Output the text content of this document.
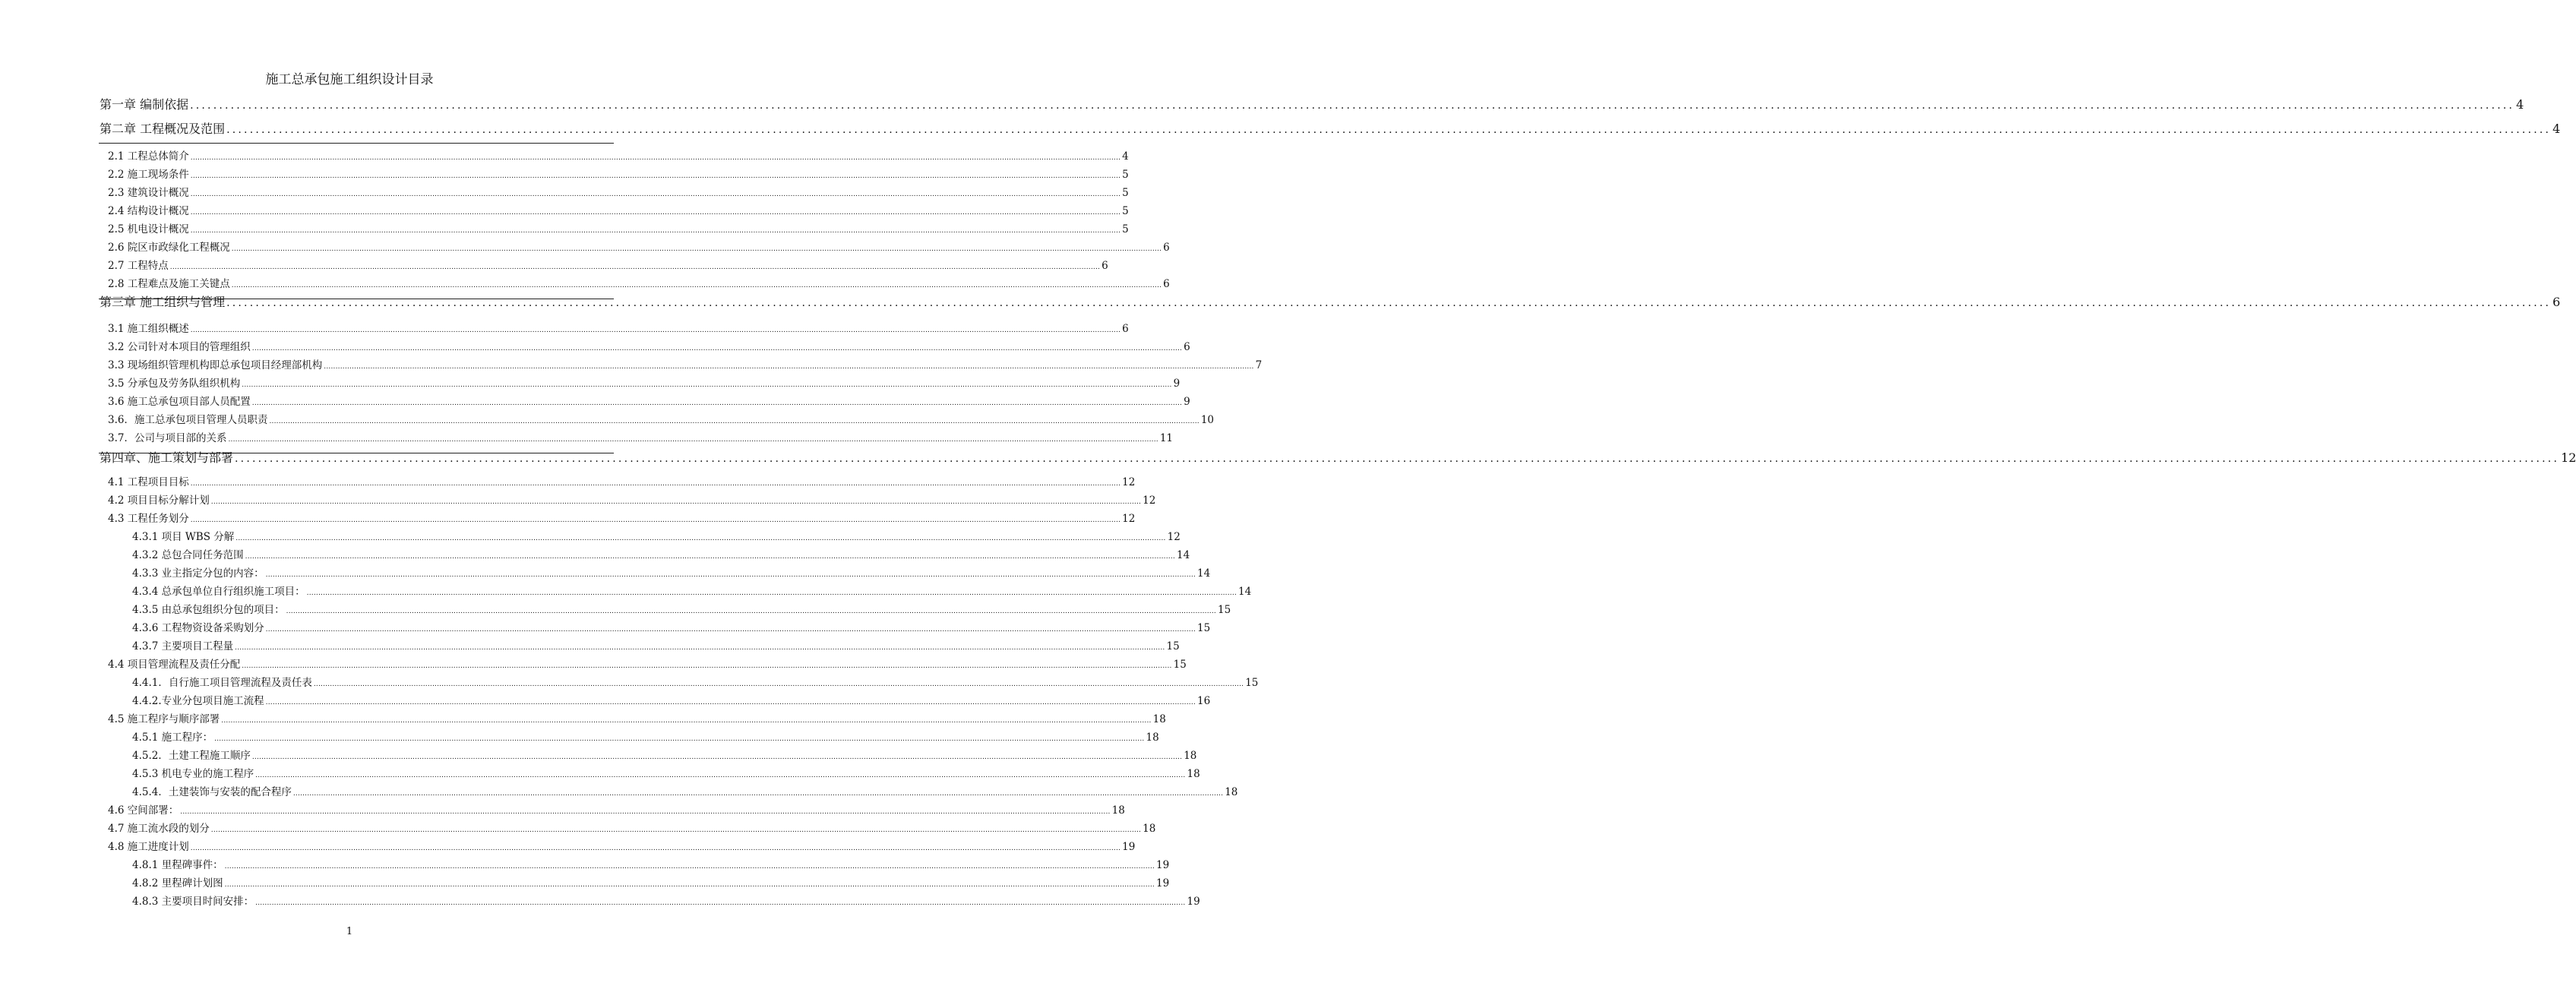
施工总承包施工组织设计目录
第一章 编制依据 ................................................................................................................................................................................................................................................................................................................................................................................................................ 4
第二章 工程概况及范围 ................................................................................................................................................................................................................................................................................................................................................................................................................ 4
2.1 工程总体简介 ................................................................................................................................................................................................................................................................................................................................................................................................................ 4
2.2 施工现场条件 ................................................................................................................................................................................................................................................................................................................................................................................................................ 5
2.3 建筑设计概况 ................................................................................................................................................................................................................................................................................................................................................................................................................ 5
2.4 结构设计概况 ................................................................................................................................................................................................................................................................................................................................................................................................................ 5
2.5 机电设计概况 ................................................................................................................................................................................................................................................................................................................................................................................................................ 5
2.6 院区市政绿化工程概况 ................................................................................................................................................................................................................................................................................................................................................................................................................ 6
2.7 工程特点 ................................................................................................................................................................................................................................................................................................................................................................................................................ 6
2.8 工程难点及施工关键点 ................................................................................................................................................................................................................................................................................................................................................................................................................ 6
第三章 施工组织与管理 ................................................................................................................................................................................................................................................................................................................................................................................................................ 6
3.1 施工组织概述 ................................................................................................................................................................................................................................................................................................................................................................................................................ 6
3.2 公司针对本项目的管理组织 ................................................................................................................................................................................................................................................................................................................................................................................................................ 6
3.3 现场组织管理机构即总承包项目经理部机构 ................................................................................................................................................................................................................................................................................................................................................................................................................ 7
3.5 分承包及劳务队组织机构 ................................................................................................................................................................................................................................................................................................................................................................................................................ 9
3.6 施工总承包项目部人员配置 ................................................................................................................................................................................................................................................................................................................................................................................................................ 9
3.6．施工总承包项目管理人员职责 ................................................................................................................................................................................................................................................................................................................................................................................................................ 10
3.7．公司与项目部的关系 ................................................................................................................................................................................................................................................................................................................................................................................................................ 11
第四章、施工策划与部署 ................................................................................................................................................................................................................................................................................................................................................................................................................ 12
4.1 工程项目目标 ................................................................................................................................................................................................................................................................................................................................................................................................................ 12
4.2 项目目标分解计划 ................................................................................................................................................................................................................................................................................................................................................................................................................ 12
4.3 工程任务划分 ................................................................................................................................................................................................................................................................................................................................................................................................................ 12
4.3.1 项目 WBS 分解 ................................................................................................................................................................................................................................................................................................................................................................................................................ 12
4.3.2 总包合同任务范围 ................................................................................................................................................................................................................................................................................................................................................................................................................ 14
4.3.3 业主指定分包的内容： ................................................................................................................................................................................................................................................................................................................................................................................................................ 14
4.3.4 总承包单位自行组织施工项目： ................................................................................................................................................................................................................................................................................................................................................................................................................ 14
4.3.5 由总承包组织分包的项目： ................................................................................................................................................................................................................................................................................................................................................................................................................ 15
4.3.6 工程物资设备采购划分 ................................................................................................................................................................................................................................................................................................................................................................................................................ 15
4.3.7 主要项目工程量 ................................................................................................................................................................................................................................................................................................................................................................................................................ 15
4.4 项目管理流程及责任分配 ................................................................................................................................................................................................................................................................................................................................................................................................................ 15
4.4.1．自行施工项目管理流程及责任表 ................................................................................................................................................................................................................................................................................................................................................................................................................ 15
4.4.2.专业分包项目施工流程 ................................................................................................................................................................................................................................................................................................................................................................................................................ 16
4.5 施工程序与顺序部署 ................................................................................................................................................................................................................................................................................................................................................................................................................ 18
4.5.1 施工程序： ................................................................................................................................................................................................................................................................................................................................................................................................................ 18
4.5.2．土建工程施工顺序 ................................................................................................................................................................................................................................................................................................................................................................................................................ 18
4.5.3 机电专业的施工程序 ................................................................................................................................................................................................................................................................................................................................................................................................................ 18
4.5.4．土建装饰与安装的配合程序 ................................................................................................................................................................................................................................................................................................................................................................................................................ 18
4.6 空间部署： ................................................................................................................................................................................................................................................................................................................................................................................................................ 18
4.7 施工流水段的划分 ................................................................................................................................................................................................................................................................................................................................................................................................................ 18
4.8 施工进度计划 ................................................................................................................................................................................................................................................................................................................................................................................................................ 19
4.8.1 里程碑事件： ................................................................................................................................................................................................................................................................................................................................................................................................................ 19
4.8.2 里程碑计划图 ................................................................................................................................................................................................................................................................................................................................................................................................................ 19
4.8.3 主要项目时间安排： ................................................................................................................................................................................................................................................................................................................................................................................................................ 19
1
